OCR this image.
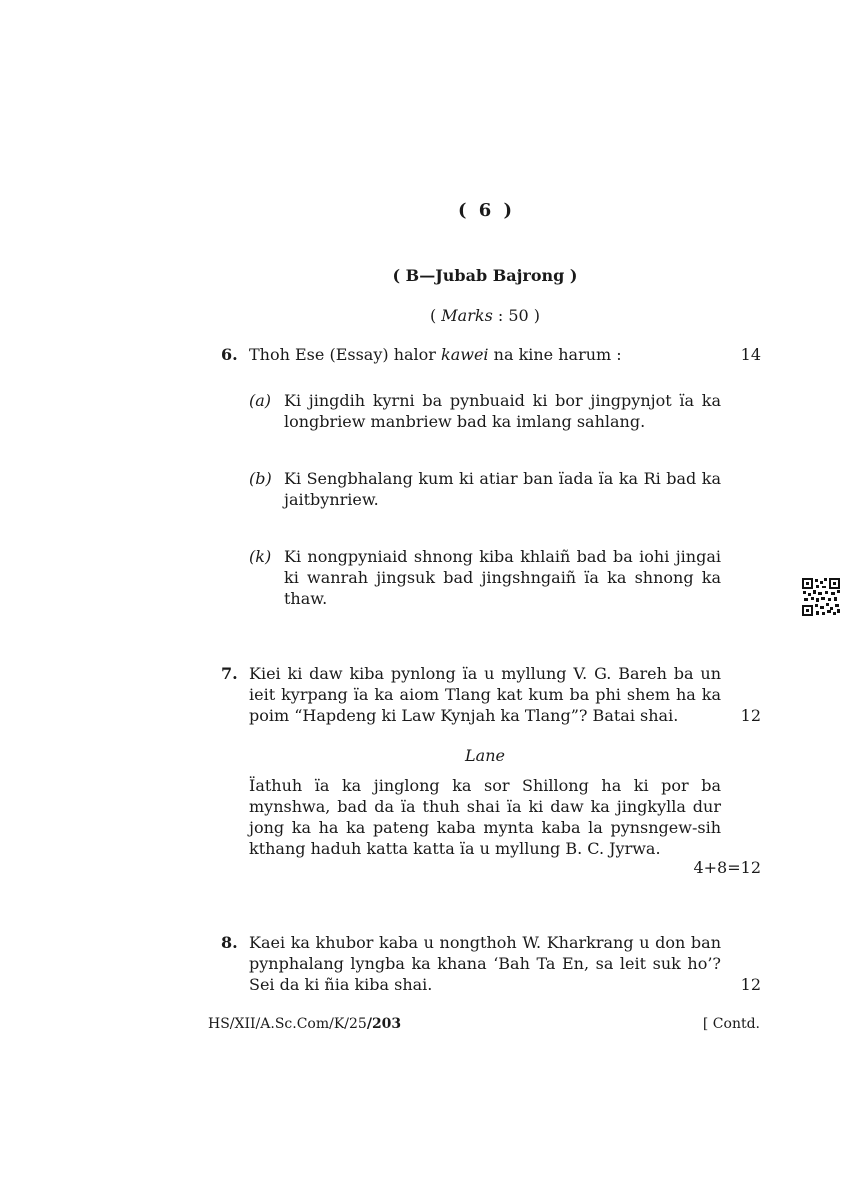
( 6 )
( B—Jubab Bajrong )
( Marks : 50 )
6. Thoh Ese (Essay) halor kawei na kine harum :	14
(a) Ki jingdih kyrni ba pynbuaid ki bor jingpynjot ïa ka longbriew manbriew bad ka imlang sahlang.
(b) Ki Sengbhalang kum ki atiar ban ïada ïa ka Ri bad ka jaitbynriew.
(k) Ki nongpyniaid shnong kiba khlaiñ bad ba iohi jingai ki wanrah jingsuk bad jingshngaiñ ïa ka shnong ka thaw.
7. Kiei ki daw kiba pynlong ïa u myllung V. G. Bareh ba un ieit kyrpang ïa ka aiom Tlang kat kum ba phi shem ha ka poim “Hapdeng ki Law Kynjah ka Tlang”? Batai shai.	12
Lane
Ïathuh ïa ka jinglong ka sor Shillong ha ki por ba mynshwa, bad da ïa thuh shai ïa ki daw ka jingkylla dur jong ka ha ka pateng kaba mynta kaba la pynsngew-sih kthang haduh katta katta ïa u myllung B. C. Jyrwa.
4+8=12
8. Kaei ka khubor kaba u nongthoh W. Kharkrang u don ban pynphalang lyngba ka khana ‘Bah Ta En, sa leit suk ho’? Sei da ki ñia kiba shai.	12
HS/XII/A.Sc.Com/K/25/203	[ Contd.
